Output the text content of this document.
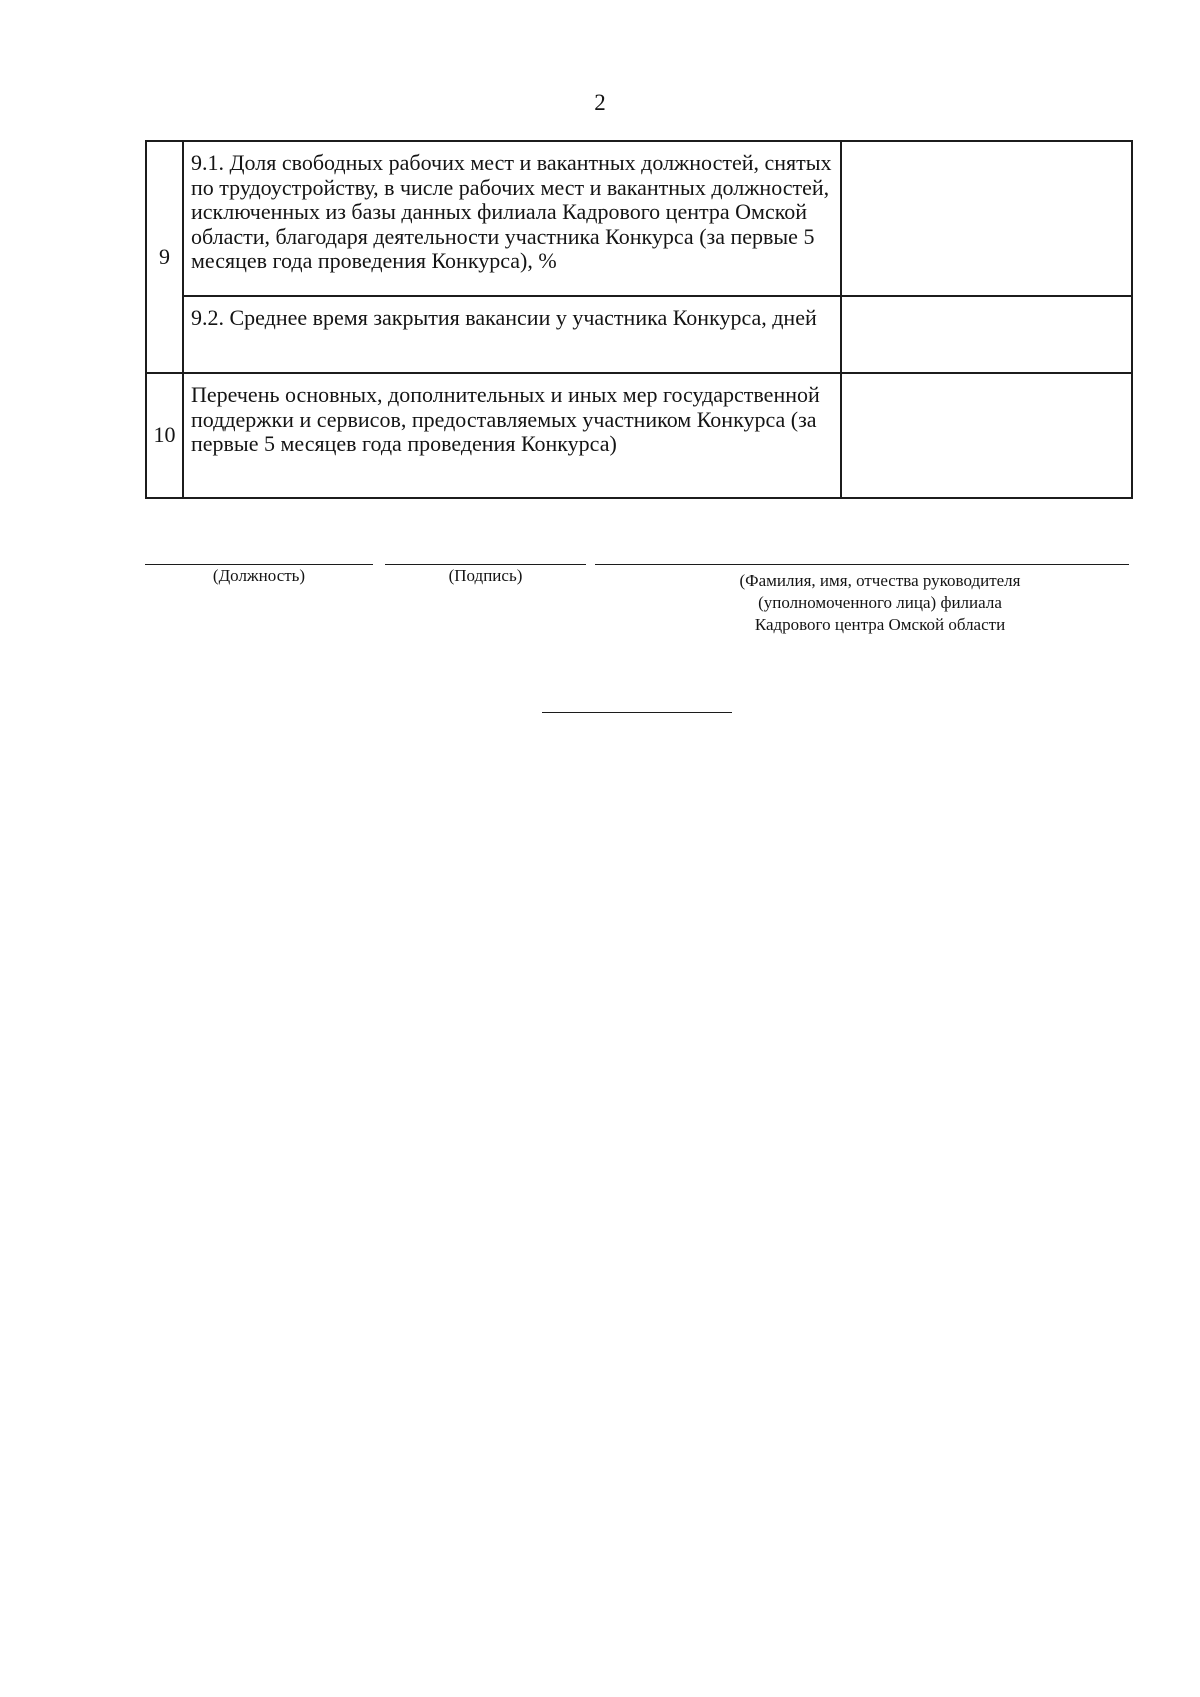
2
9	9.1. Доля свободных рабочих мест и вакантных должностей, снятых по трудоустройству, в числе рабочих мест и вакантных должностей, исключенных из базы данных филиала Кадрового центра Омской области, благодаря деятельности участника Конкурса (за первые 5 месяцев года проведения Конкурса), %	
	9.2. Среднее время закрытия вакансии у участника Конкурса, дней	
10	Перечень основных, дополнительных и иных мер государственной поддержки и сервисов, предоставляемых участником Конкурса (за первые 5 месяцев года проведения Конкурса)	
(Должность)	(Подпись)	(Фамилия, имя, отчества руководителя
(уполномоченного лица) филиала
Кадрового центра Омской области
